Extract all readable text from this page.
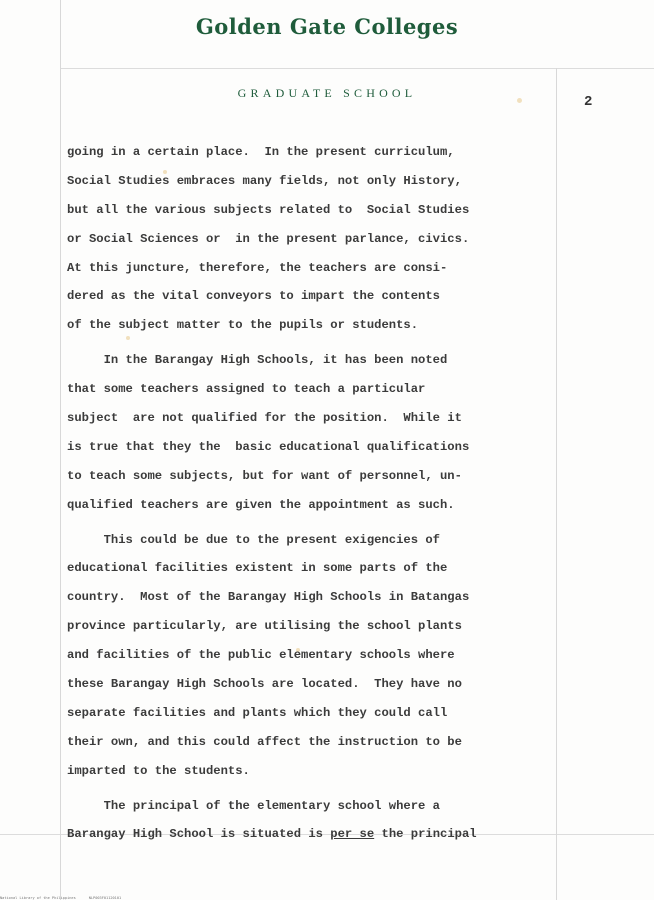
Golden Gate Colleges
GRADUATE SCHOOL
2
going in a certain place.  In the present curriculum,
Social Studies embraces many fields, not only History,
but all the various subjects related to  Social Studies
or Social Sciences or  in the present parlance, civics.
At this juncture, therefore, the teachers are consi-
dered as the vital conveyors to impart the contents
of the subject matter to the pupils or students.
In the Barangay High Schools, it has been noted
that some teachers assigned to teach a particular
subject  are not qualified for the position.  While it
is true that they the  basic educational qualifications
to teach some subjects, but for want of personnel, un-
qualified teachers are given the appointment as such.
This could be due to the present exigencies of
educational facilities existent in some parts of the
country.  Most of the Barangay High Schools in Batangas
province particularly, are utilising the school plants
and facilities of the public elementary schools where
these Barangay High Schools are located.  They have no
separate facilities and plants which they could call
their own, and this could affect the instruction to be
imparted to the students.
The principal of the elementary school where a
Barangay High School is situated is per se the principal
National Library of the Philippines	NLP003F01120101
